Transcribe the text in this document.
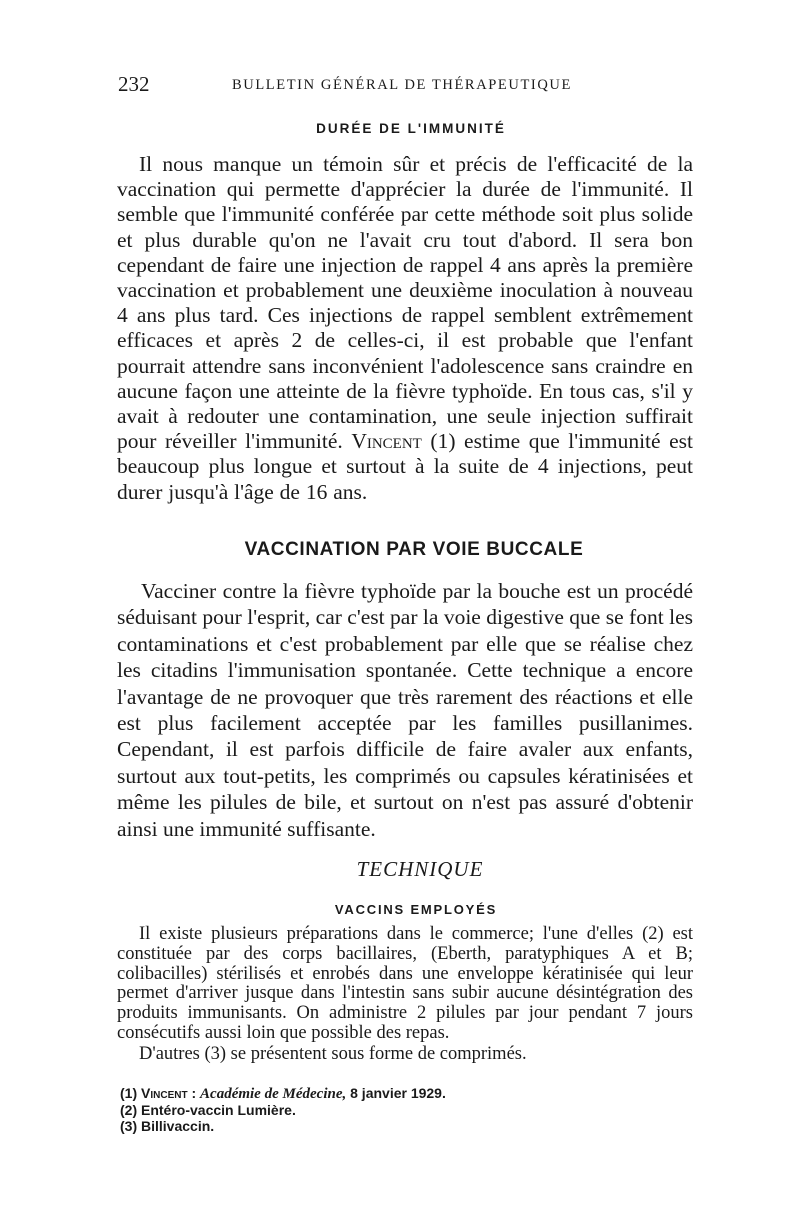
232	BULLETIN GÉNÉRAL DE THÉRAPEUTIQUE
DURÉE DE L'IMMUNITÉ

Il nous manque un témoin sûr et précis de l'efficacité de la vaccination qui permette d'apprécier la durée de l'immunité. Il semble que l'immunité conférée par cette méthode soit plus solide et plus durable qu'on ne l'avait cru tout d'abord. Il sera bon cependant de faire une injection de rappel 4 ans après la première vaccination et probablement une deuxième inoculation à nouveau 4 ans plus tard. Ces injections de rappel semblent extrêmement efficaces et après 2 de celles-ci, il est probable que l'enfant pourrait attendre sans inconvénient l'adolescence sans craindre en aucune façon une atteinte de la fièvre typhoïde. En tous cas, s'il y avait à redouter une contamination, une seule injection suffirait pour réveiller l'immunité. Vincent (1) estime que l'immunité est beaucoup plus longue et surtout à la suite de 4 injections, peut durer jusqu'à l'âge de 16 ans.

VACCINATION PAR VOIE BUCCALE

Vacciner contre la fièvre typhoïde par la bouche est un procédé séduisant pour l'esprit, car c'est par la voie digestive que se font les contaminations et c'est probablement par elle que se réalise chez les citadins l'immunisation spontanée. Cette technique a encore l'avantage de ne provoquer que très rarement des réactions et elle est plus facilement acceptée par les familles pusillanimes. Cependant, il est parfois difficile de faire avaler aux enfants, surtout aux tout-petits, les comprimés ou capsules kératinisées et même les pilules de bile, et surtout on n'est pas assuré d'obtenir ainsi une immunité suffisante.

TECHNIQUE
VACCINS EMPLOYÉS

Il existe plusieurs préparations dans le commerce; l'une d'elles (2) est constituée par des corps bacillaires, (Eberth, paratyphiques A et B; colibacilles) stérilisés et enrobés dans une enveloppe kératinisée qui leur permet d'arriver jusque dans l'intestin sans subir aucune désintégration des produits immunisants. On administre 2 pilules par jour pendant 7 jours consécutifs aussi loin que possible des repas.

D'autres (3) se présentent sous forme de comprimés.

(1) Vincent : Académie de Médecine, 8 janvier 1929.
(2) Entéro-vaccin Lumière.
(3) Billivaccin.
